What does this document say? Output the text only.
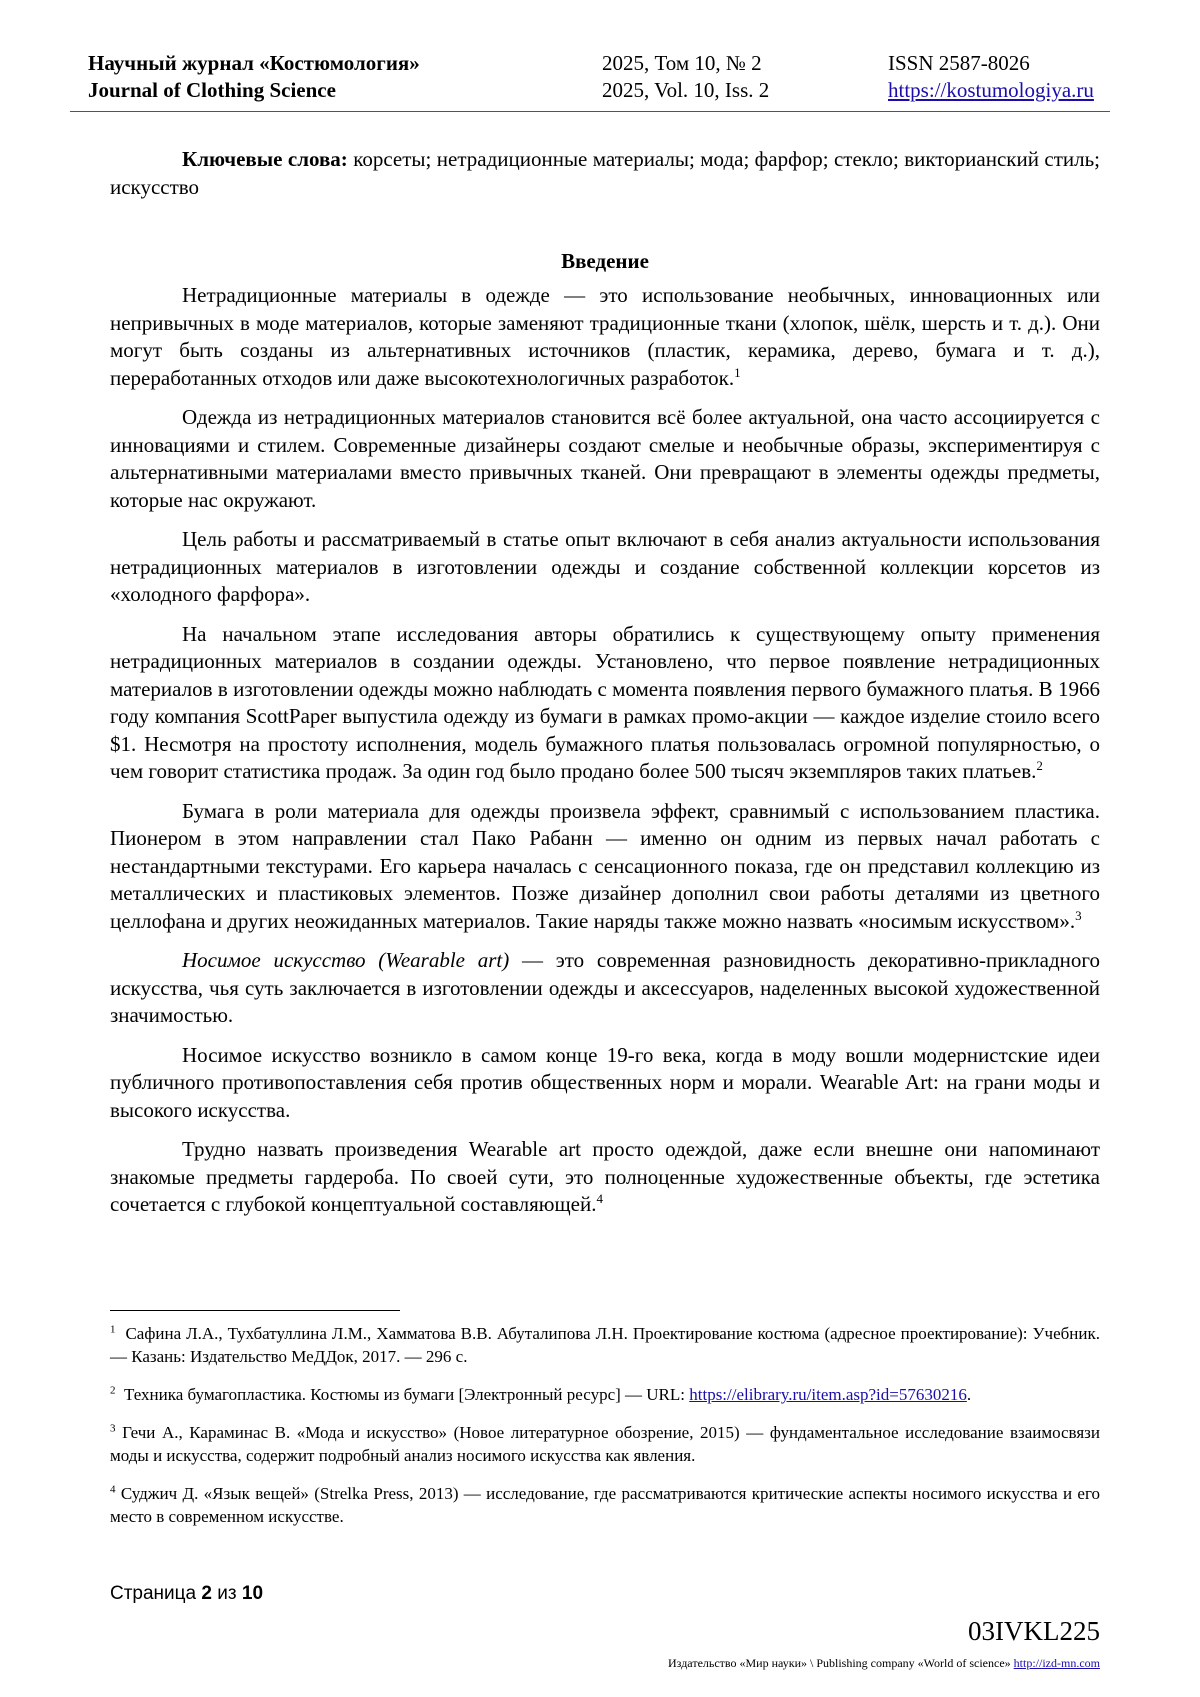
Научный журнал «Костюмология»
Journal of Clothing Science
2025, Том 10, № 2
2025, Vol. 10, Iss. 2
ISSN 2587-8026
https://kostumologiya.ru

Ключевые слова: корсеты; нетрадиционные материалы; мода; фарфор; стекло; викторианский стиль; искусство

Введение

Нетрадиционные материалы в одежде — это использование необычных, инновационных или непривычных в моде материалов, которые заменяют традиционные ткани (хлопок, шёлк, шерсть и т. д.). Они могут быть созданы из альтернативных источников (пластик, керамика, дерево, бумага и т. д.), переработанных отходов или даже высокотехнологичных разработок.$^1$

Одежда из нетрадиционных материалов становится всё более актуальной, она часто ассоциируется с инновациями и стилем. Современные дизайнеры создают смелые и необычные образы, экспериментируя с альтернативными материалами вместо привычных тканей. Они превращают в элементы одежды предметы, которые нас окружают.

Цель работы и рассматриваемый в статье опыт включают в себя анализ актуальности использования нетрадиционных материалов в изготовлении одежды и создание собственной коллекции корсетов из «холодного фарфора».

На начальном этапе исследования авторы обратились к существующему опыту применения нетрадиционных материалов в создании одежды. Установлено, что первое появление нетрадиционных материалов в изготовлении одежды можно наблюдать с момента появления первого бумажного платья. В 1966 году компания ScottPaper выпустила одежду из бумаги в рамках промо-акции — каждое изделие стоило всего $1. Несмотря на простоту исполнения, модель бумажного платья пользовалась огромной популярностью, о чем говорит статистика продаж. За один год было продано более 500 тысяч экземпляров таких платьев.$^2$

Бумага в роли материала для одежды произвела эффект, сравнимый с использованием пластика. Пионером в этом направлении стал Пако Рабанн — именно он одним из первых начал работать с нестандартными текстурами. Его карьера началась с сенсационного показа, где он представил коллекцию из металлических и пластиковых элементов. Позже дизайнер дополнил свои работы деталями из цветного целлофана и других неожиданных материалов. Такие наряды также можно назвать «носимым искусством».$^3$

Носимое искусство (Wearable art) — это современная разновидность декоративно-прикладного искусства, чья суть заключается в изготовлении одежды и аксессуаров, наделенных высокой художественной значимостью.

Носимое искусство возникло в самом конце 19-го века, когда в моду вошли модернистские идеи публичного противопоставления себя против общественных норм и морали. Wearable Art: на грани моды и высокого искусства.

Трудно назвать произведения Wearable art просто одеждой, даже если внешне они напоминают знакомые предметы гардероба. По своей сути, это полноценные художественные объекты, где эстетика сочетается с глубокой концептуальной составляющей.$^4$

$^1$ Сафина Л.А., Тухбатуллина Л.М., Хамматова В.В. Абуталипова Л.Н. Проектирование костюма (адресное проектирование): Учебник. — Казань: Издательство МеДДок, 2017. — 296 с.

$^2$ Техника бумагопластика. Костюмы из бумаги [Электронный ресурс] — URL: https://elibrary.ru/item.asp?id=57630216.

$^3$ Гечи А., Караминас В. «Мода и искусство» (Новое литературное обозрение, 2015) — фундаментальное исследование взаимосвязи моды и искусства, содержит подробный анализ носимого искусства как явления.

$^4$ Суджич Д. «Язык вещей» (Strelka Press, 2013) — исследование, где рассматриваются критические аспекты носимого искусства и его место в современном искусстве.

Страница 2 из 10
03IVKL225
Издательство «Мир науки» \ Publishing company «World of science» http://izd-mn.com
